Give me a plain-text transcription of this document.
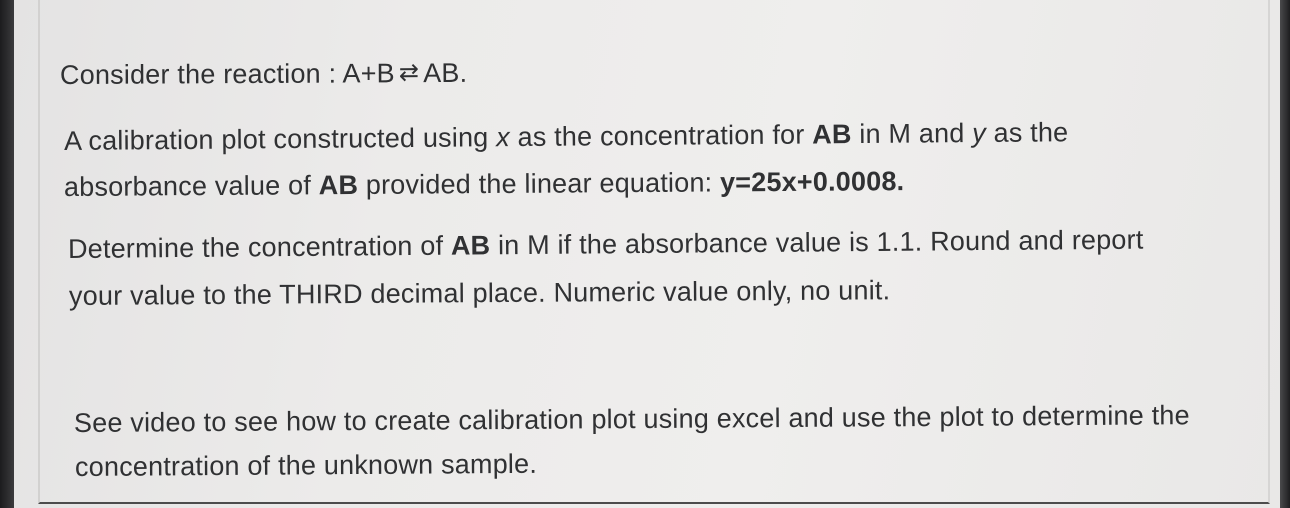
Consider the reaction : A+B ⇄ AB.
A calibration plot constructed using x as the concentration for AB in M and y as the
absorbance value of AB provided the linear equation: y=25x+0.0008.
Determine the concentration of AB in M if the absorbance value is 1.1. Round and report
your value to the THIRD decimal place. Numeric value only, no unit.
See video to see how to create calibration plot using excel and use the plot to determine the
concentration of the unknown sample.
